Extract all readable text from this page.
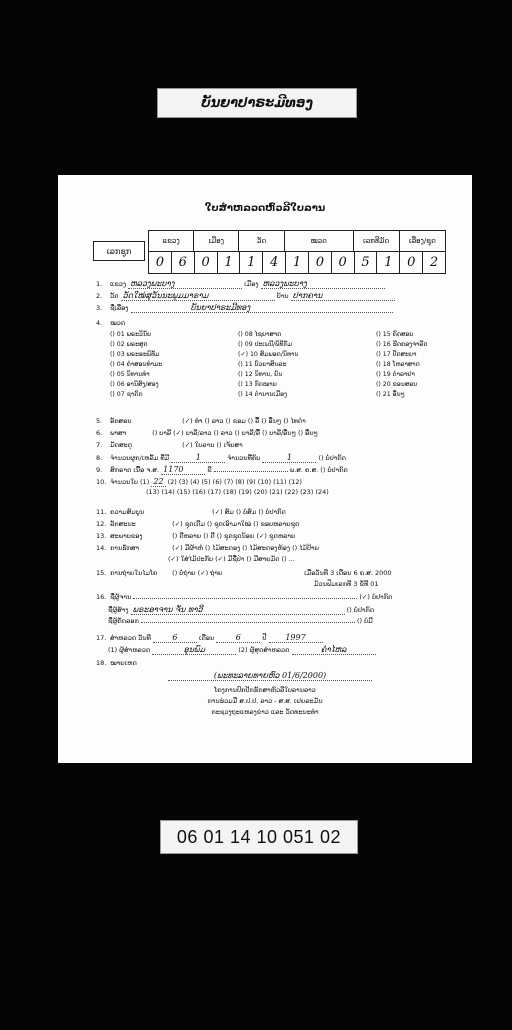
ບັນຍາປາຣະມີທອງ
ໃບສຳຫລວດຫົວລີໃບລານ
ເລກຊຸກ
ແຂວງ	ເມືອງ	ວັດ	ໝວດ	ເລກທີມັດ	ເລື່ອງ/ຊຸດ
0	6	0	1	1	4	1	0	0	5	1	0	2
1. ແຂວງ ຫລວງພະບາງ	ເມືອງ ຫລວງພະບາງ
2. ວັດ ວັດໃໝ່ສຸວັນນະພູມມາຣາມ	ບ້ານ ປາກຄານ
3. ຊື່ເລື່ອງ	ບັນຍາປາຣະມີທອງ
4. ໝວດ
() 01 ພຣະວິນັຍ	() 08 ໄຊຍາສາດ	() 15 ຄົດສອນ
() 02 ພຣະສູດ	() 09 ປະເພນີ/ພິທີກັມ	() 16 ຮີດຄອງຈາລີດ
() 03 ພຣະອະພິທັມ	(✓) 10 ສົມພອດ/ນິທານ	() 17 ປັດສະຍາ
() 04 ຄໍາສອນທໍາມະ	() 11 ບົວຍາສິນລະ	() 18 ໂຫລາສາດ
() 05 ນິທານທໍາ	() 12 ນິທານ, ຍົນ	() 19 ຕໍາລາຢາ
() 06 ອານິສົງ/ສອງ	() 13 ກົດໝາຍ	() 20 ຂອນສອນ
() 07 ຊາດົກ	() 14 ຕໍານານເມືອງ	() 21 ອື່ນໆ
5. ອັກສອນ	(✓) ທໍາ () ລາວ () ຂອມ () ລື້ () ອື່ນໆ () ໄທດໍາ
6. ພາສາ	() ບາລີ (✓) ບາລີ/ລາວ () ລາວ () ບາລີ/ລື້ () ບາລີ/ອື່ນໆ () ອື່ນໆ
7. ມັດສະດຸ	(✓) ໃບລານ () ເຈ້ຍສາ
8. ຈໍານວນຜູກ/ເຫລັ້ມ ທີ່ມີ	1	ຈໍານວນທີ່ຄົບ	1	() ບໍ່ປາກົດ
9. ສົກຣາດ ເນື້ອ ຈ.ສ. 1170	ຂີ	ພ.ສ. ຄ.ສ. () ບໍ່ປາກົດ
10. ຈໍານວນໃບ (1) 22 (2) (3) (4) (5) (6) (7) (8) (9) (10) (11) (12)
(13) (14) (15) (16) (17) (18) (19) (20) (21) (22) (23) (24)
11. ຄວາມສົມບູນ	(✓) ສົມ () ບໍ່ສົມ () ບໍ່ປາກົດ
12. ລັກສະນະ	(✓) ຊຸດເດີມ () ຊຸດເອົາມາໃໝ່ () ຂອບຫລາຍຊຸດ
13. ສະພາບຂອງ	() ດີຫລາຍ () ດີ () ຊຸດຊຸດນ້ອຍ (✓) ຊຸດຫລາຍ
14. ການຮັກສາ	(✓) ມີຜ້າຫໍ່ () ໄມ້ສະດອງ () ໄມ້ສະດອງຫ້ອງ () ໄມ້ປ້າຍ
(✓) ໃສ່ໄມ້ປະກັບ (✓) ມີຊື່ປ່າ () ມີສາຍມັດ () ...
15. ການຖ່າຍໃນໄມໂຄ () ບໍ່ຖ່າຍ (✓) ຖ່າຍ	ເມື່ອວັນທີ 3 ເດືອນ 6 ຄ.ສ. 2000
ມ້ວນຟິມເລກທີ 3 ຂໍ້ທີ 01
16. ຊື່ຜູ້ຈານ	(✓) ບໍ່ປາກົດ
ຊື່ຜູ້ສ້າງ ພຣະອາຈານ ຈັນ ທາວີ	() ບໍ່ປາກົດ
ຊື່ຜູ້ຄັດລອກ	() ບໍ່ມີ
17. ສໍາຫລວດ ວັນທີ	6	ເດືອນ	6	ປີ 1997
(1) ຜູ້ສໍາຫລວດ	ອຸນພົມ	(2) ຜູ້ສຸດສໍາຫລວດ	ຄໍາໄຫລ
18. ໝາຍເຫດ
(ພະທະລາຍທາຍຫົວ 01/6/2000)
ໂຄງການປົກປັກຮັກສາຫົວລີໃບລານລາວ
ການຮ່ວມມື ສ.ປ.ປ. ລາວ - ສ.ສ. ເຢຍລະມັນ
ກະຊວງຖະແຫລງຂ່າວ ແລະ ວັດທະນະທໍາ
06 01 14 10 051 02
